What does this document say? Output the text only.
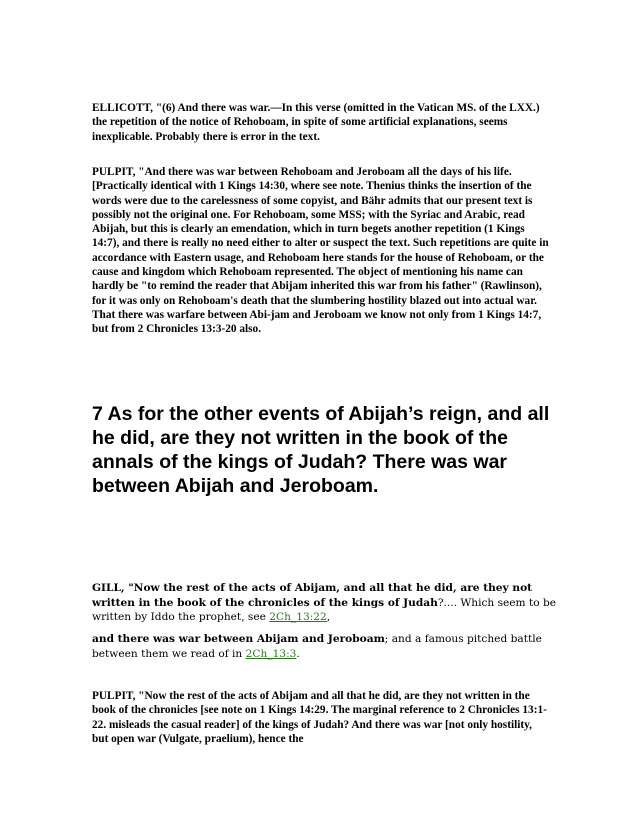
ELLICOTT, "(6) And there was war.—In this verse (omitted in the Vatican MS. of the LXX.) the repetition of the notice of Rehoboam, in spite of some artificial explanations, seems inexplicable. Probably there is error in the text.

PULPIT, "And there was war between Rehoboam and Jeroboam all the days of his life. [Practically identical with 1 Kings 14:30, where see note. Thenius thinks the insertion of the words were due to the carelessness of some copyist, and Bähr admits that our present text is possibly not the original one. For Rehoboam, some MSS; with the Syriac and Arabic, read Abijah, but this is clearly an emendation, which in turn begets another repetition (1 Kings 14:7), and there is really no need either to alter or suspect the text. Such repetitions are quite in accordance with Eastern usage, and Rehoboam here stands for the house of Rehoboam, or the cause and kingdom which Rehoboam represented. The object of mentioning his name can hardly be "to remind the reader that Abijam inherited this war from his father" (Rawlinson), for it was only on Rehoboam's death that the slumbering hostility blazed out into actual war. That there was warfare between Abi-jam and Jeroboam we know not only from 1 Kings 14:7, but from 2 Chronicles 13:3-20 also.

7 As for the other events of Abijah’s reign, and all he did, are they not written in the book of the annals of the kings of Judah? There was war between Abijah and Jeroboam.

GILL, "Now the rest of the acts of Abijam, and all that he did, are they not written in the book of the chronicles of the kings of Judah?.... Which seem to be written by Iddo the prophet, see 2Ch_13:22,
and there was war between Abijam and Jeroboam; and a famous pitched battle between them we read of in 2Ch_13:3.

PULPIT, "Now the rest of the acts of Abijam and all that he did, are they not written in the book of the chronicles [see note on 1 Kings 14:29. The marginal reference to 2 Chronicles 13:1-22. misleads the casual reader] of the kings of Judah? And there was war [not only hostility, but open war (Vulgate, praelium), hence the
